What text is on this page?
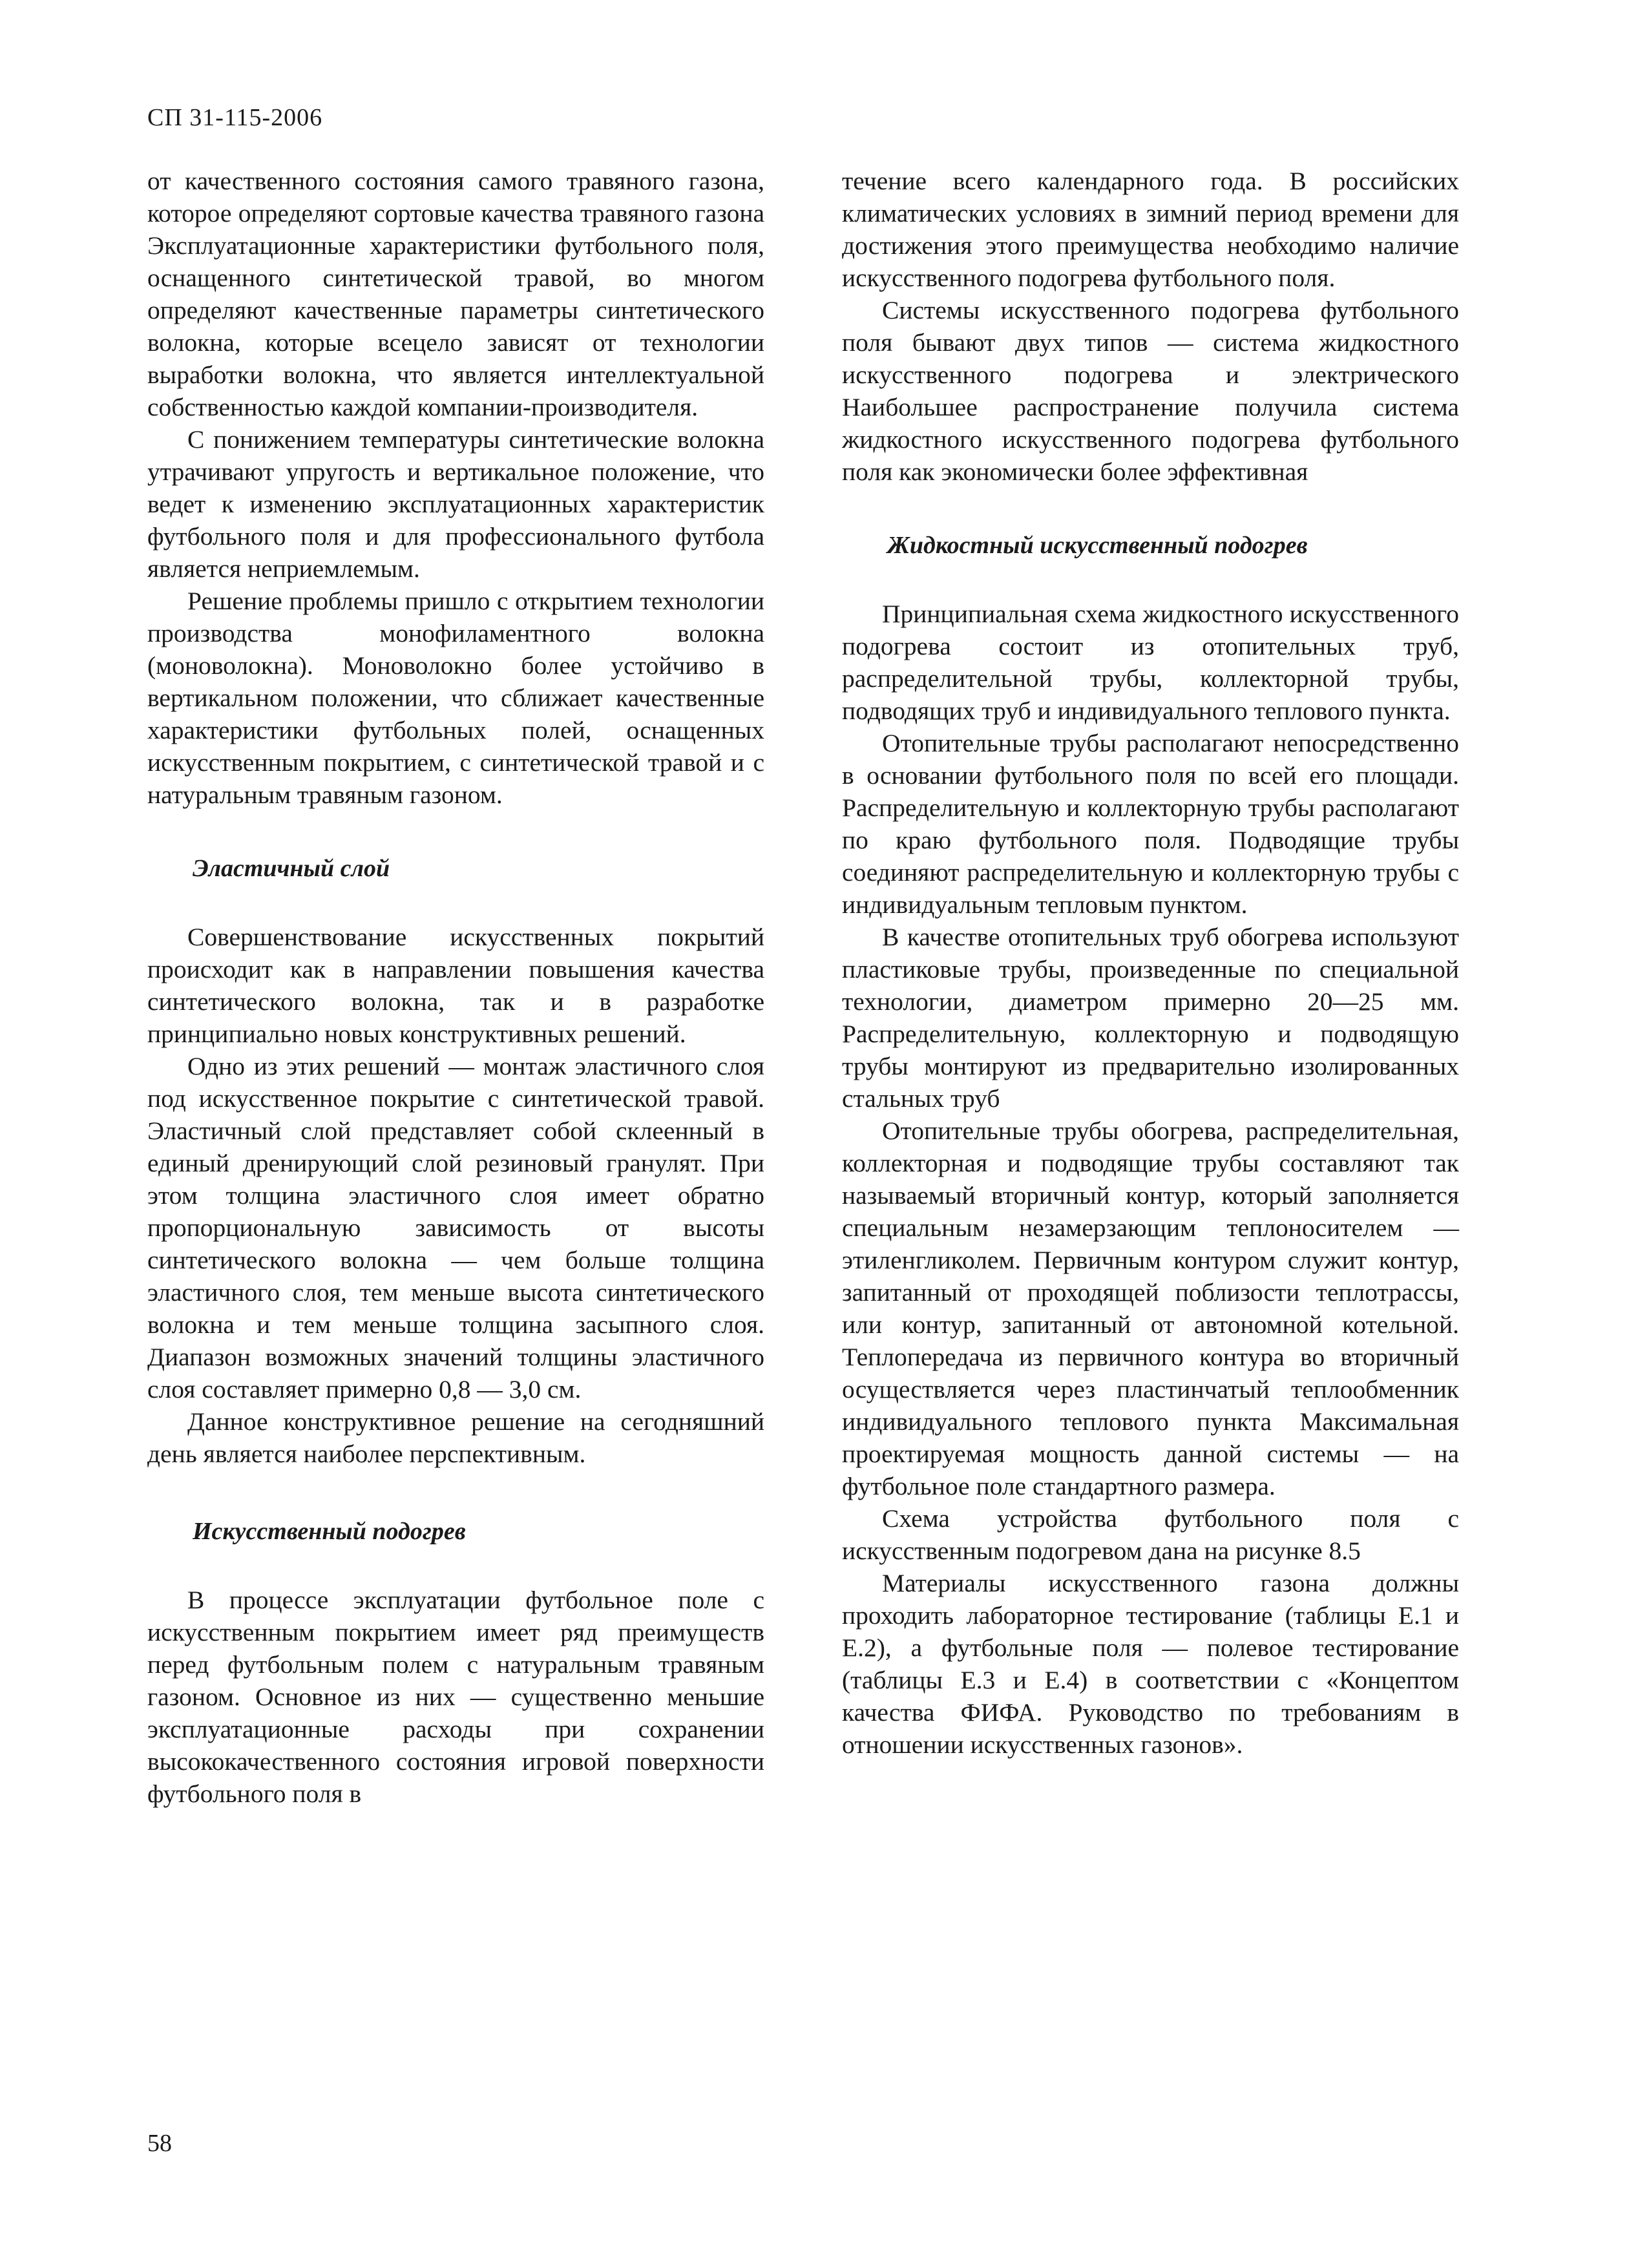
СП 31-115-2006

от качественного состояния самого травяного газона, которое определяют сортовые качества травяного газона Эксплуатационные характеристики футбольного поля, оснащенного синтетической травой, во многом определяют качественные параметры синтетического волокна, которые всецело зависят от технологии выработки волокна, что является интеллектуальной собственностью каждой компании-производителя.

С понижением температуры синтетические волокна утрачивают упругость и вертикальное положение, что ведет к изменению эксплуатационных характеристик футбольного поля и для профессионального футбола является неприемлемым.

Решение проблемы пришло с открытием технологии производства монофиламентного волокна (моноволокна). Моноволокно более устойчиво в вертикальном положении, что сближает качественные характеристики футбольных полей, оснащенных искусственным покрытием, с синтетической травой и с натуральным травяным газоном.

Эластичный слой

Совершенствование искусственных покрытий происходит как в направлении повышения качества синтетического волокна, так и в разработке принципиально новых конструктивных решений.

Одно из этих решений — монтаж эластичного слоя под искусственное покрытие с синтетической травой. Эластичный слой представляет собой склеенный в единый дренирующий слой резиновый гранулят. При этом толщина эластичного слоя имеет обратно пропорциональную зависимость от высоты синтетического волокна — чем больше толщина эластичного слоя, тем меньше высота синтетического волокна и тем меньше толщина засыпного слоя. Диапазон возможных значений толщины эластичного слоя составляет примерно 0,8 — 3,0 см.

Данное конструктивное решение на сегодняшний день является наиболее перспективным.

Искусственный подогрев

В процессе эксплуатации футбольное поле с искусственным покрытием имеет ряд преимуществ перед футбольным полем с натуральным травяным газоном. Основное из них — существенно меньшие эксплуатационные расходы при сохранении высококачественного состояния игровой поверхности футбольного поля в

течение всего календарного года. В российских климатических условиях в зимний период времени для достижения этого преимущества необходимо наличие искусственного подогрева футбольного поля.

Системы искусственного подогрева футбольного поля бывают двух типов — система жидкостного искусственного подогрева и электрического Наибольшее распространение получила система жидкостного искусственного подогрева футбольного поля как экономически более эффективная

Жидкостный искусственный подогрев

Принципиальная схема жидкостного искусственного подогрева состоит из отопительных труб, распределительной трубы, коллекторной трубы, подводящих труб и индивидуального теплового пункта.

Отопительные трубы располагают непосредственно в основании футбольного поля по всей его площади. Распределительную и коллекторную трубы располагают по краю футбольного поля. Подводящие трубы соединяют распределительную и коллекторную трубы с индивидуальным тепловым пунктом.

В качестве отопительных труб обогрева используют пластиковые трубы, произведенные по специальной технологии, диаметром примерно 20—25 мм. Распределительную, коллекторную и подводящую трубы монтируют из предварительно изолированных стальных труб

Отопительные трубы обогрева, распределительная, коллекторная и подводящие трубы составляют так называемый вторичный контур, который заполняется специальным незамерзающим теплоносителем — этиленгликолем. Первичным контуром служит контур, запитанный от проходящей поблизости теплотрассы, или контур, запитанный от автономной котельной. Теплопередача из первичного контура во вторичный осуществляется через пластинчатый теплообменник индивидуального теплового пункта Максимальная проектируемая мощность данной системы — на футбольное поле стандартного размера.

Схема устройства футбольного поля с искусственным подогревом дана на рисунке 8.5

Материалы искусственного газона должны проходить лабораторное тестирование (таблицы Е.1 и Е.2), а футбольные поля — полевое тестирование (таблицы Е.3 и Е.4) в соответствии с «Концептом качества ФИФА. Руководство по требованиям в отношении искусственных газонов».

58
